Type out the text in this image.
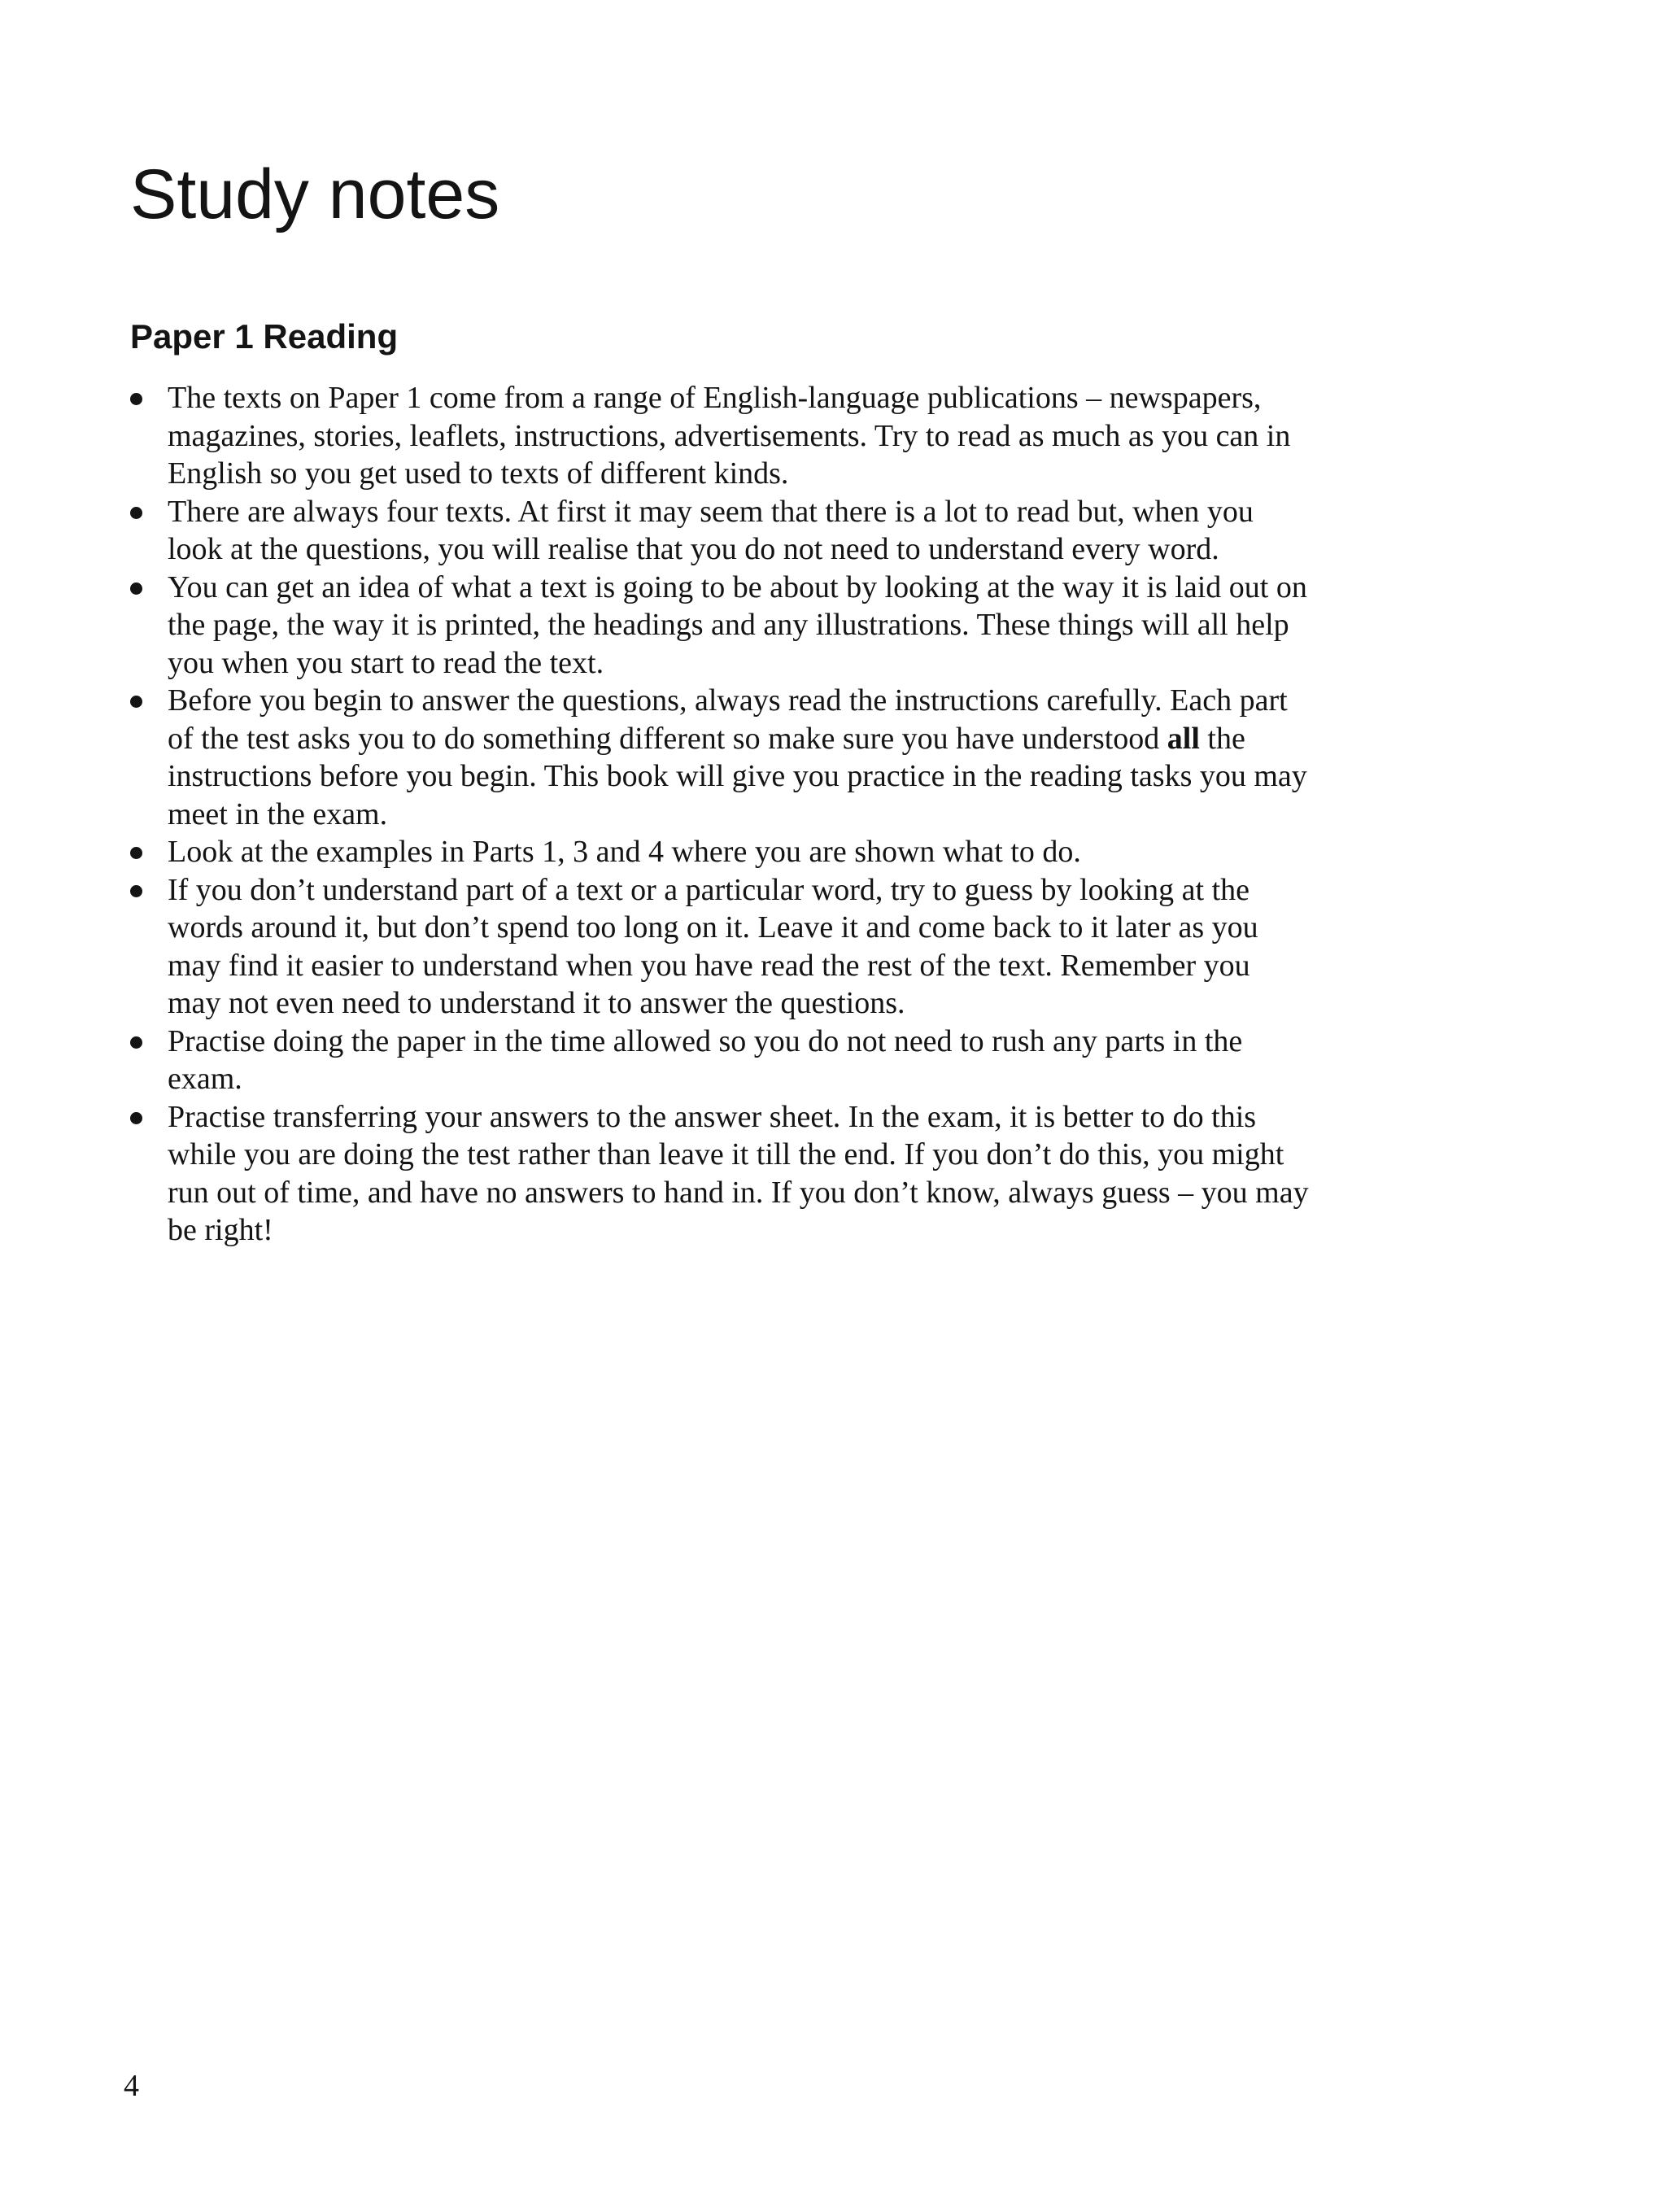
Study notes
Paper 1 Reading
The texts on Paper 1 come from a range of English-language publications – newspapers, magazines, stories, leaflets, instructions, advertisements. Try to read as much as you can in English so you get used to texts of different kinds.
There are always four texts. At first it may seem that there is a lot to read but, when you look at the questions, you will realise that you do not need to understand every word.
You can get an idea of what a text is going to be about by looking at the way it is laid out on the page, the way it is printed, the headings and any illustrations. These things will all help you when you start to read the text.
Before you begin to answer the questions, always read the instructions carefully. Each part of the test asks you to do something different so make sure you have understood all the instructions before you begin. This book will give you practice in the reading tasks you may meet in the exam.
Look at the examples in Parts 1, 3 and 4 where you are shown what to do.
If you don’t understand part of a text or a particular word, try to guess by looking at the words around it, but don’t spend too long on it. Leave it and come back to it later as you may find it easier to understand when you have read the rest of the text. Remember you may not even need to understand it to answer the questions.
Practise doing the paper in the time allowed so you do not need to rush any parts in the exam.
Practise transferring your answers to the answer sheet. In the exam, it is better to do this while you are doing the test rather than leave it till the end. If you don’t do this, you might run out of time, and have no answers to hand in. If you don’t know, always guess – you may be right!
4
